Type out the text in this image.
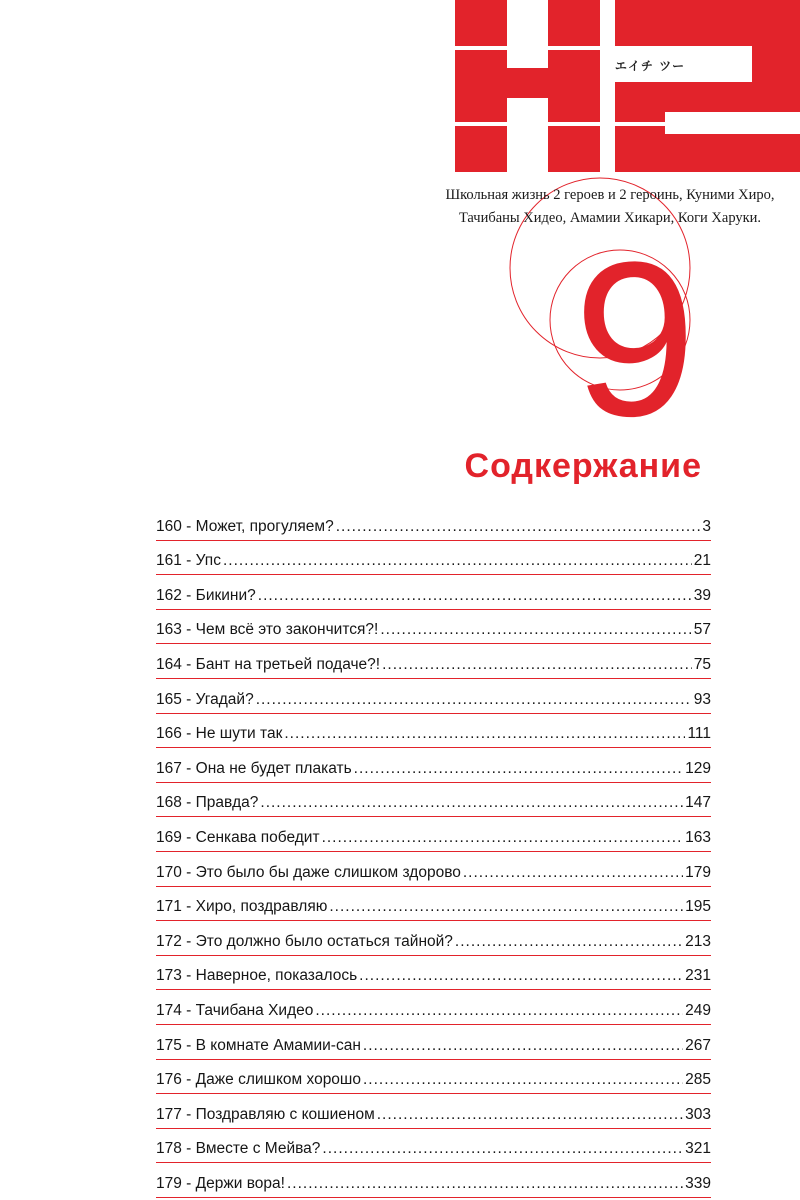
エイチ ツー
Школьная жизнь 2 героев и 2 героинь, Куними Хиро,
Тачибаны Хидео, Амамии Хикари, Коги Харуки.
9
Содкержание
160 - Может, прогуляем? .....	3
161 - Упс .....	21
162 - Бикини? .....	39
163 - Чем всё это закончится?! .....	57
164 - Бант на третьей подаче?! .....	75
165 - Угадай? .....	93
166 - Не шути так .....	111
167 - Она не будет плакать .....	129
168 - Правда? .....	147
169 - Сенкава победит .....	163
170 - Это было бы даже слишком здорово .....	179
171 - Хиро, поздравляю .....	195
172 - Это должно было остаться тайной? .....	213
173 - Наверное, показалось .....	231
174 - Тачибана Хидео .....	249
175 - В комнате Амамии-сан .....	267
176 - Даже слишком хорошо .....	285
177 - Поздравляю с кошиеном .....	303
178 - Вместе с Мейва? .....	321
179 - Держи вора! .....	339
